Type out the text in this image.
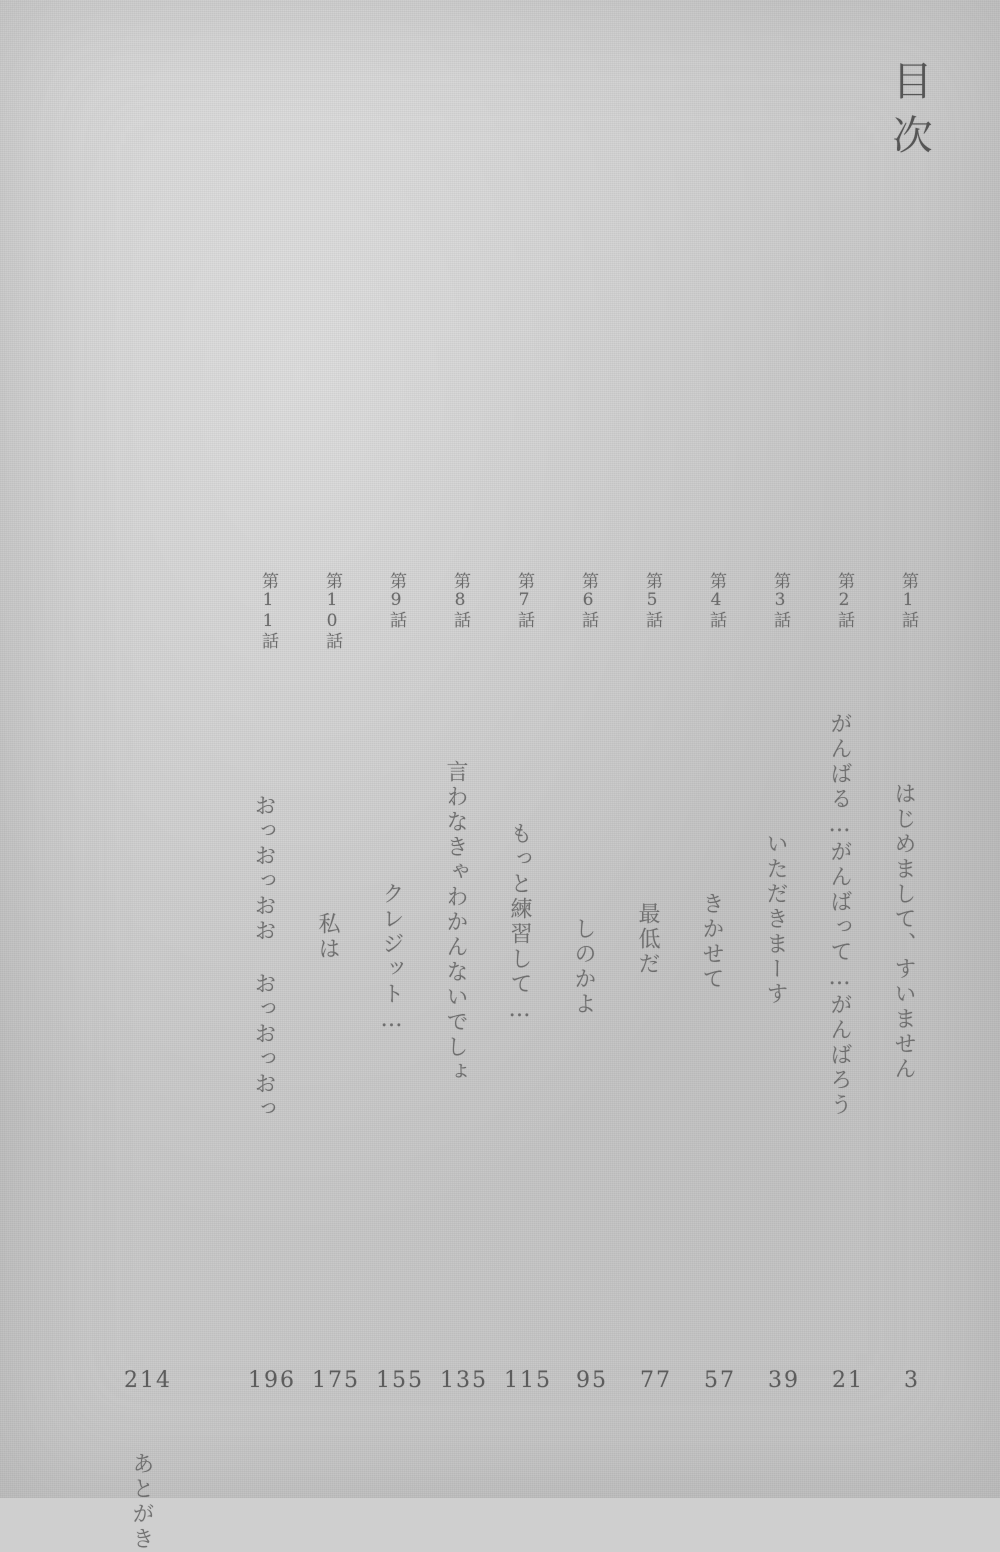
目次
第1話
はじめまして、すいません
第2話
がんばる…がんばって…がんばろう
第3話
いただきまーす
第4話
きかせて
第5話
最低だ
第6話
しのかよ
第7話
もっと練習して…
第8話
言わなきゃわかんないでしょ
第9話
クレジット…
第10話
私は
第11話
おっおっおお おっおっおっ
あとがき
3
21
39
57
77
95
115
135
155
175
196
214
